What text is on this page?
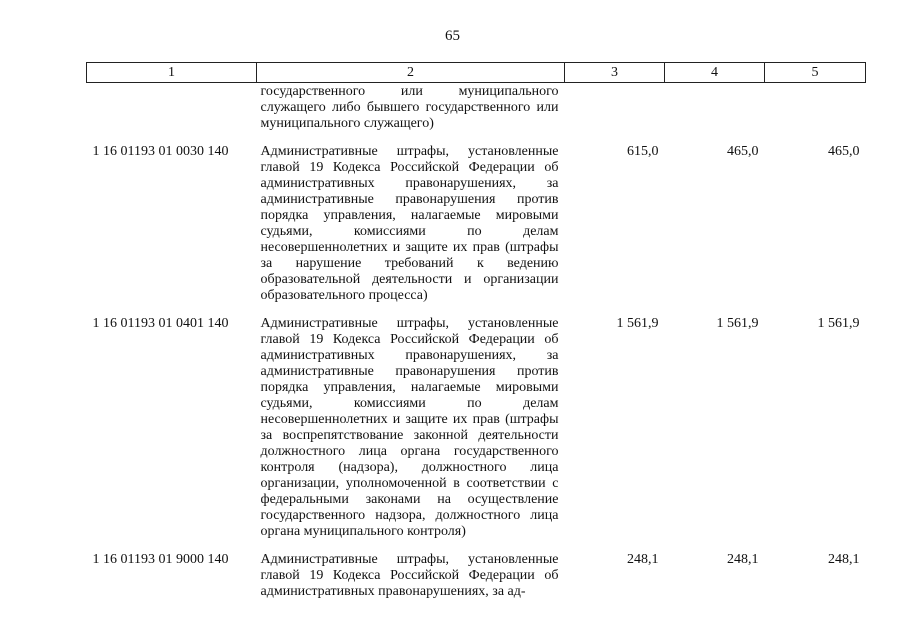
65
1	2	3	4	5
	государственного или муниципального служащего либо бывшего государственного или муниципального служащего)			
1 16 01193 01 0030 140	Административные штрафы, установленные главой 19 Кодекса Российской Федерации об административных правонарушениях, за административные правонарушения против порядка управления, налагаемые мировыми судьями, комиссиями по делам несовершеннолетних и защите их прав (штрафы за нарушение требований к ведению образовательной деятельности и организации образовательного процесса)	615,0	465,0	465,0
1 16 01193 01 0401 140	Административные штрафы, установленные главой 19 Кодекса Российской Федерации об административных правонарушениях, за административные правонарушения против порядка управления, налагаемые мировыми судьями, комиссиями по делам несовершеннолетних и защите их прав (штрафы за воспрепятствование законной деятельности должностного лица органа государственного контроля (надзора), должностного лица организации, уполномоченной в соответствии с федеральными законами на осуществление государственного надзора, должностного лица органа муниципального контроля)	1 561,9	1 561,9	1 561,9
1 16 01193 01 9000 140	Административные штрафы, установленные главой 19 Кодекса Российской Федерации об административных правонарушениях, за ад-	248,1	248,1	248,1
